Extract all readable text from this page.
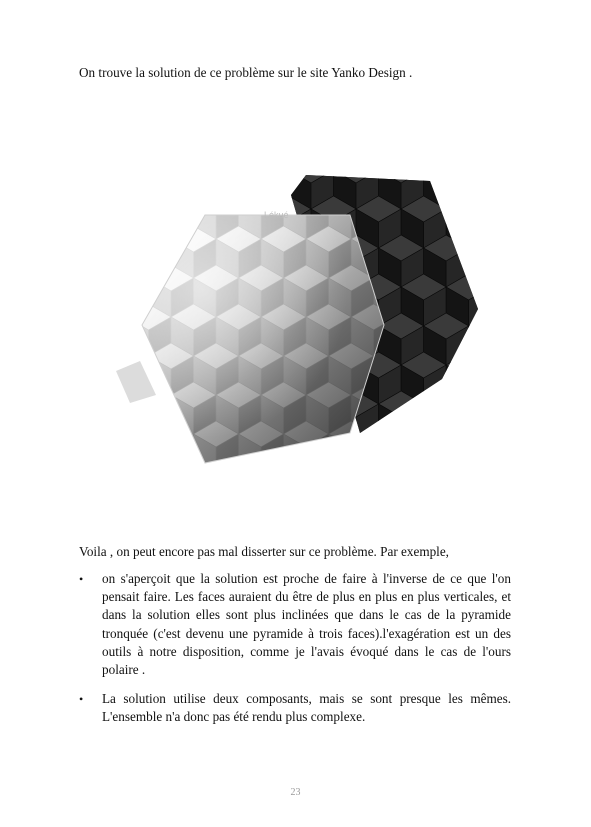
On trouve la solution de ce problème sur le site Yanko Design .

Lékué

Voila , on peut encore pas mal disserter sur ce problème. Par exemple,

• on s'aperçoit que la solution est proche de faire à l'inverse de ce que l'on pensait faire. Les faces auraient du être de plus en plus en plus verticales, et dans la solution elles sont plus inclinées que dans le cas de la pyramide tronquée (c'est devenu une pyramide à trois faces).l'exagération est un des outils à notre disposition, comme je l'avais évoqué dans le cas de l'ours polaire .
• La solution utilise deux composants, mais se sont presque les mêmes. L'ensemble n'a donc pas été rendu plus complexe.
23
